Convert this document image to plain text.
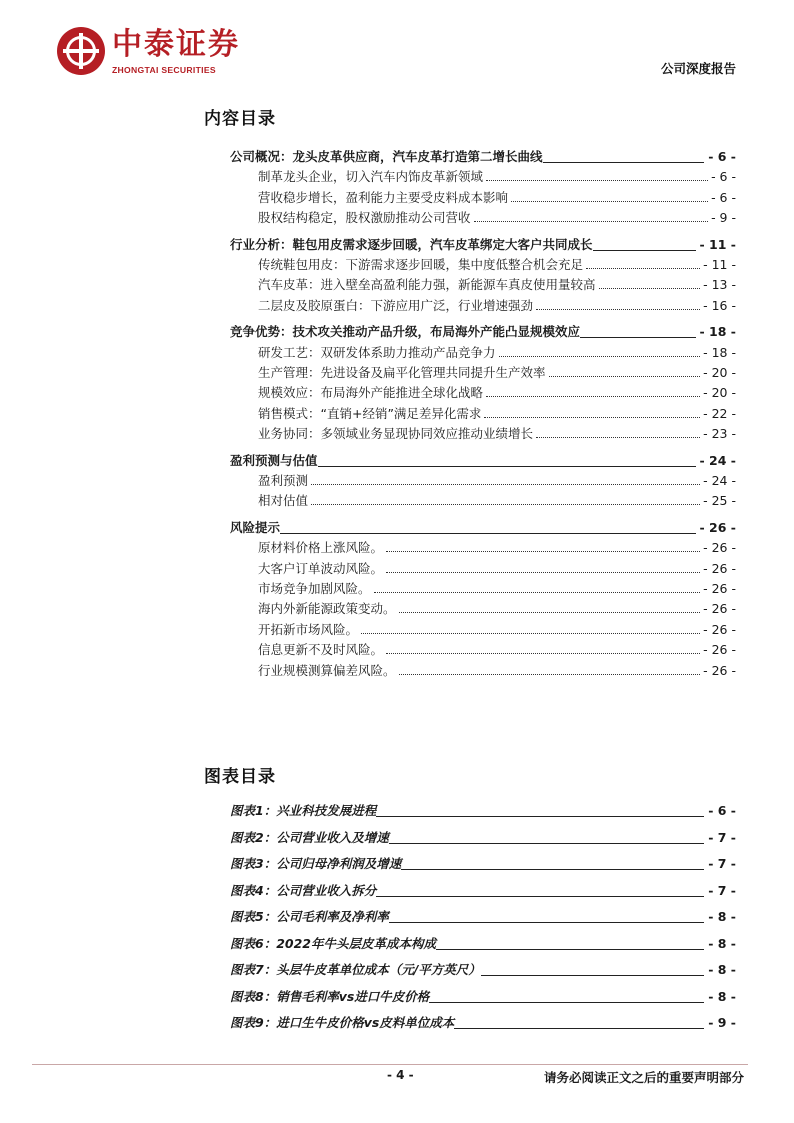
中泰证券
ZHONGTAI SECURITIES	公司深度报告
内容目录
公司概况：龙头皮革供应商，汽车皮革打造第二增长曲线	- 6 -
制革龙头企业，切入汽车内饰皮革新领域	- 6 -
营收稳步增长，盈利能力主要受皮料成本影响	- 6 -
股权结构稳定，股权激励推动公司营收	- 9 -
行业分析：鞋包用皮需求逐步回暖，汽车皮革绑定大客户共同成长	- 11 -
传统鞋包用皮：下游需求逐步回暖，集中度低整合机会充足	- 11 -
汽车皮革：进入壁垒高盈利能力强，新能源车真皮使用量较高	- 13 -
二层皮及胶原蛋白：下游应用广泛，行业增速强劲	- 16 -
竞争优势：技术攻关推动产品升级，布局海外产能凸显规模效应	- 18 -
研发工艺：双研发体系助力推动产品竞争力	- 18 -
生产管理：先进设备及扁平化管理共同提升生产效率	- 20 -
规模效应：布局海外产能推进全球化战略	- 20 -
销售模式：“直销+经销”满足差异化需求	- 22 -
业务协同：多领域业务显现协同效应推动业绩增长	- 23 -
盈利预测与估值	- 24 -
盈利预测	- 24 -
相对估值	- 25 -
风险提示	- 26 -
原材料价格上涨风险。	- 26 -
大客户订单波动风险。	- 26 -
市场竞争加剧风险。	- 26 -
海内外新能源政策变动。	- 26 -
开拓新市场风险。	- 26 -
信息更新不及时风险。	- 26 -
行业规模测算偏差风险。	- 26 -
图表目录
图表1：兴业科技发展进程	- 6 -
图表2：公司营业收入及增速	- 7 -
图表3：公司归母净利润及增速	- 7 -
图表4：公司营业收入拆分	- 7 -
图表5：公司毛利率及净利率	- 8 -
图表6：2022年牛头层皮革成本构成	- 8 -
图表7：头层牛皮革单位成本（元/平方英尺）	- 8 -
图表8：销售毛利率vs进口牛皮价格	- 8 -
图表9：进口生牛皮价格vs皮料单位成本	- 9 -
- 4 -	请务必阅读正文之后的重要声明部分
